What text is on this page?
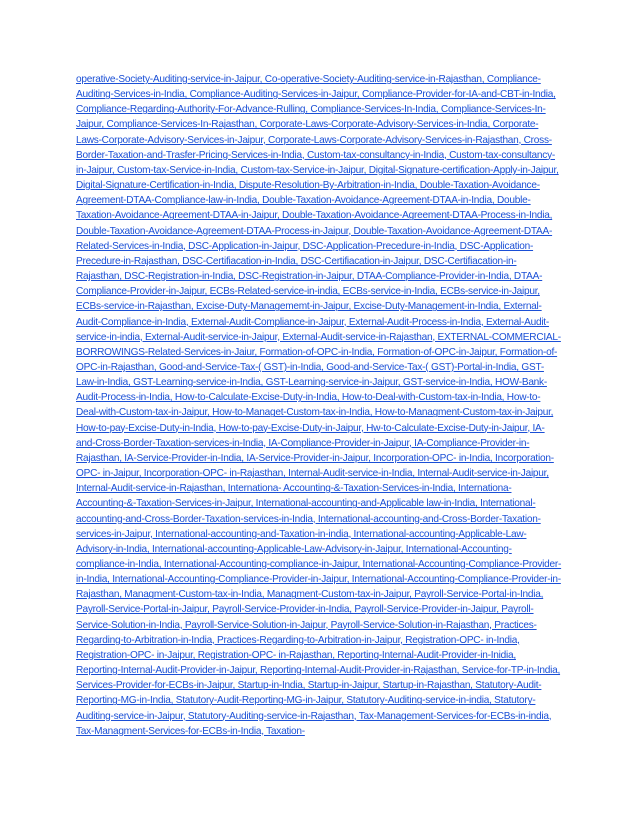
operative-Society-Auditing-service-in-Jaipur, Co-operative-Society-Auditing-service-in-Rajasthan, Compliance-Auditing-Services-in-India, Compliance-Auditing-Services-in-Jaipur, Compliance-Provider-for-IA-and-CBT-in-India, Compliance-Regarding-Authority-For-Advance-Rulling, Compliance-Services-In-India, Compliance-Services-In-Jaipur, Compliance-Services-In-Rajasthan, Corporate-Laws-Corporate-Advisory-Services-in-India, Corporate-Laws-Corporate-Advisory-Services-in-Jaipur, Corporate-Laws-Corporate-Advisory-Services-in-Rajasthan, Cross-Border-Taxation-and-Trasfer-Pricing-Services-in-India, Custom-tax-consultancy-in-India, Custom-tax-consultancy-in-Jaipur, Custom-tax-Service-in-India, Custom-tax-Service-in-Jaipur, Digital-Signature-certification-Apply-in-Jaipur, Digital-Signature-Certification-in-India, Dispute-Resolution-By-Arbitration-in-India, Double-Taxation-Avoidance-Agreement-DTAA-Compliance-law-in-India, Double-Taxation-Avoidance-Agreement-DTAA-in-India, Double-Taxation-Avoidance-Agreement-DTAA-in-Jaipur, Double-Taxation-Avoidance-Agreement-DTAA-Process-in-India, Double-Taxation-Avoidance-Agreement-DTAA-Process-in-Jaipur, Double-Taxation-Avoidance-Agreement-DTAA-Related-Services-in-India, DSC-Application-in-Jaipur, DSC-Application-Precedure-in-India, DSC-Application-Precedure-in-Rajasthan, DSC-Certifiacation-in-India, DSC-Certifiacation-in-Jaipur, DSC-Certifiacation-in-Rajasthan, DSC-Registration-in-India, DSC-Registration-in-Jaipur, DTAA-Compliance-Provider-in-India, DTAA-Compliance-Provider-in-Jaipur, ECBs-Related-service-in-india, ECBs-service-in-India, ECBs-service-in-Jaipur, ECBs-service-in-Rajasthan, Excise-Duty-Managememt-in-Jaipur, Excise-Duty-Management-in-India, External-Audit-Compliance-in-India, External-Audit-Compliance-in-Jaipur, External-Audit-Process-in-India, External-Audit-service-in-india, External-Audit-service-in-Jaipur, External-Audit-service-in-Rajasthan, EXTERNAL-COMMERCIAL-BORROWINGS-Related-Services-in-Jaiur, Formation-of-OPC-in-India, Formation-of-OPC-in-Jaipur, Formation-of-OPC-in-Rajasthan, Good-and-Service-Tax-( GST)-in-India, Good-and-Service-Tax-( GST)-Portal-in-India, GST-Law-in-India, GST-Learning-service-in-India, GST-Learning-service-in-Jaipur, GST-service-in-India, HOW-Bank-Audit-Process-in-India, How-to-Calculate-Excise-Duty-in-India, How-to-Deal-with-Custom-tax-in-India, How-to-Deal-with-Custom-tax-in-Jaipur, How-to-Managet-Custom-tax-in-India, How-to-Managment-Custom-tax-in-Jaipur, How-to-pay-Excise-Duty-in-India, How-to-pay-Excise-Duty-in-Jaipur, Hw-to-Calculate-Excise-Duty-in-Jaipur, IA-and-Cross-Border-Taxation-services-in-India, IA-Compliance-Provider-in-Jaipur, IA-Compliance-Provider-in-Rajasthan, IA-Service-Provider-in-India, IA-Service-Provider-in-Jaipur, Incorporation-OPC- in-India, Incorporation-OPC- in-Jaipur, Incorporation-OPC- in-Rajasthan, Internal-Audit-service-in-India, Internal-Audit-service-in-Jaipur, Internal-Audit-service-in-Rajasthan, Internationa- Accounting-&-Taxation-Services-in-India, Internationa- Accounting-&-Taxation-Services-in-Jaipur, International-accounting-and-Applicable law-in-India, International-accounting-and-Cross-Border-Taxation-services-in-India, International-accounting-and-Cross-Border-Taxation-services-in-Jaipur, International-accounting-and-Taxation-in-india, International-accounting-Applicable-Law-Advisory-in-India, International-accounting-Applicable-Law-Advisory-in-Jaipur, International-Accounting-compliance-in-India, International-Accounting-compliance-in-Jaipur, International-Accounting-Compliance-Provider-in-India, International-Accounting-Compliance-Provider-in-Jaipur, International-Accounting-Compliance-Provider-in-Rajasthan, Managment-Custom-tax-in-India, Managment-Custom-tax-in-Jaipur, Payroll-Service-Portal-in-India, Payroll-Service-Portal-in-Jaipur, Payroll-Service-Provider-in-India, Payroll-Service-Provider-in-Jaipur, Payroll-Service-Solution-in-India, Payroll-Service-Solution-in-Jaipur, Payroll-Service-Solution-in-Rajasthan, Practices-Regarding-to-Arbitration-in-India, Practices-Regarding-to-Arbitration-in-Jaipur, Registration-OPC- in-India, Registration-OPC- in-Jaipur, Registration-OPC- in-Rajasthan, Reporting-Internal-Audit-Provider-in-Inidia, Reporting-Internal-Audit-Provider-in-Jaipur, Reporting-Internal-Audit-Provider-in-Rajasthan, Service-for-TP-in-India, Services-Provider-for-ECBs-in-Jaipur, Startup-in-India, Startup-in-Jaipur, Startup-in-Rajasthan, Statutory-Audit-Reporting-MG-in-India, Statutory-Audit-Reporting-MG-in-Jaipur, Statutory-Auditing-service-in-india, Statutory-Auditing-service-in-Jaipur, Statutory-Auditing-service-in-Rajasthan, Tax-Management-Services-for-ECBs-in-india, Tax-Managment-Services-for-ECBs-in-India, Taxation-
